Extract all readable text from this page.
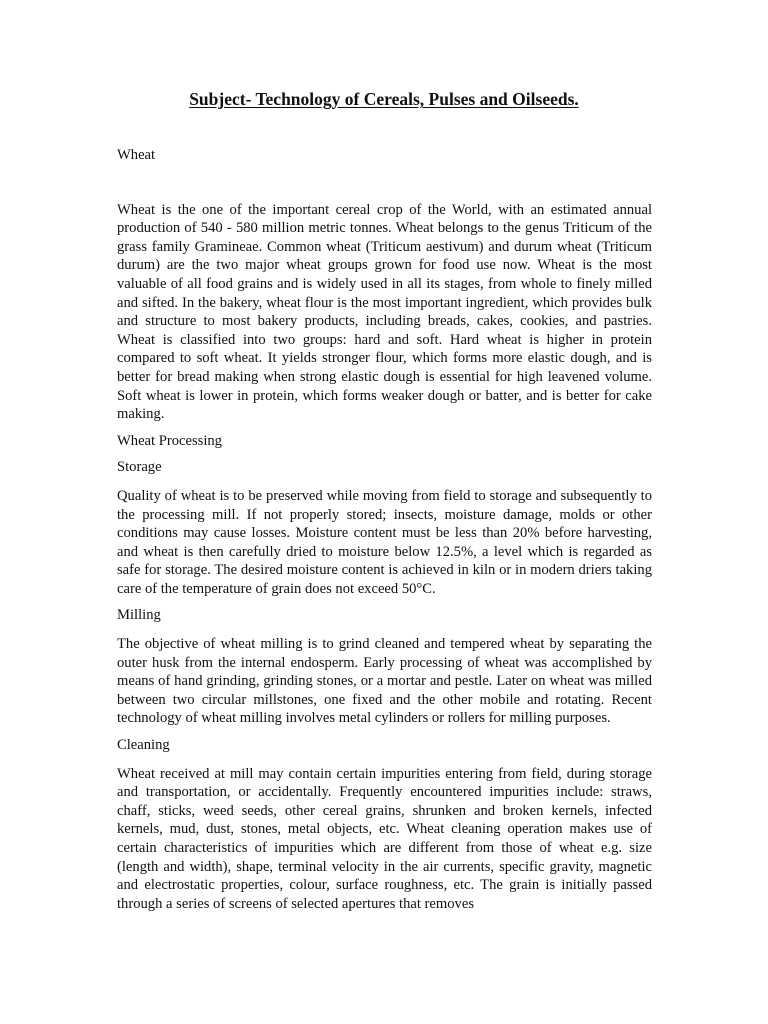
Subject- Technology of Cereals, Pulses and Oilseeds.

Wheat

Wheat is the one of the important cereal crop of the World, with an estimated annual production of 540 - 580 million metric tonnes. Wheat belongs to the genus Triticum of the grass family Gramineae. Common wheat (Triticum aestivum) and durum wheat (Triticum durum) are the two major wheat groups grown for food use now. Wheat is the most valuable of all food grains and is widely used in all its stages, from whole to finely milled and sifted. In the bakery, wheat flour is the most important ingredient, which provides bulk and structure to most bakery products, including breads, cakes, cookies, and pastries. Wheat is classified into two groups: hard and soft. Hard wheat is higher in protein compared to soft wheat. It yields stronger flour, which forms more elastic dough, and is better for bread making when strong elastic dough is essential for high leavened volume. Soft wheat is lower in protein, which forms weaker dough or batter, and is better for cake making.

Wheat Processing

Storage

Quality of wheat is to be preserved while moving from field to storage and subsequently to the processing mill. If not properly stored; insects, moisture damage, molds or other conditions may cause losses. Moisture content must be less than 20% before harvesting, and wheat is then carefully dried to moisture below 12.5%, a level which is regarded as safe for storage. The desired moisture content is achieved in kiln or in modern driers taking care of the temperature of grain does not exceed 50°C.

Milling

The objective of wheat milling is to grind cleaned and tempered wheat by separating the outer husk from the internal endosperm. Early processing of wheat was accomplished by means of hand grinding, grinding stones, or a mortar and pestle. Later on wheat was milled between two circular millstones, one fixed and the other mobile and rotating. Recent technology of wheat milling involves metal cylinders or rollers for milling purposes.

Cleaning

Wheat received at mill may contain certain impurities entering from field, during storage and transportation, or accidentally. Frequently encountered impurities include: straws, chaff, sticks, weed seeds, other cereal grains, shrunken and broken kernels, infected kernels, mud, dust, stones, metal objects, etc. Wheat cleaning operation makes use of certain characteristics of impurities which are different from those of wheat e.g. size (length and width), shape, terminal velocity in the air currents, specific gravity, magnetic and electrostatic properties, colour, surface roughness, etc. The grain is initially passed through a series of screens of selected apertures that removes
